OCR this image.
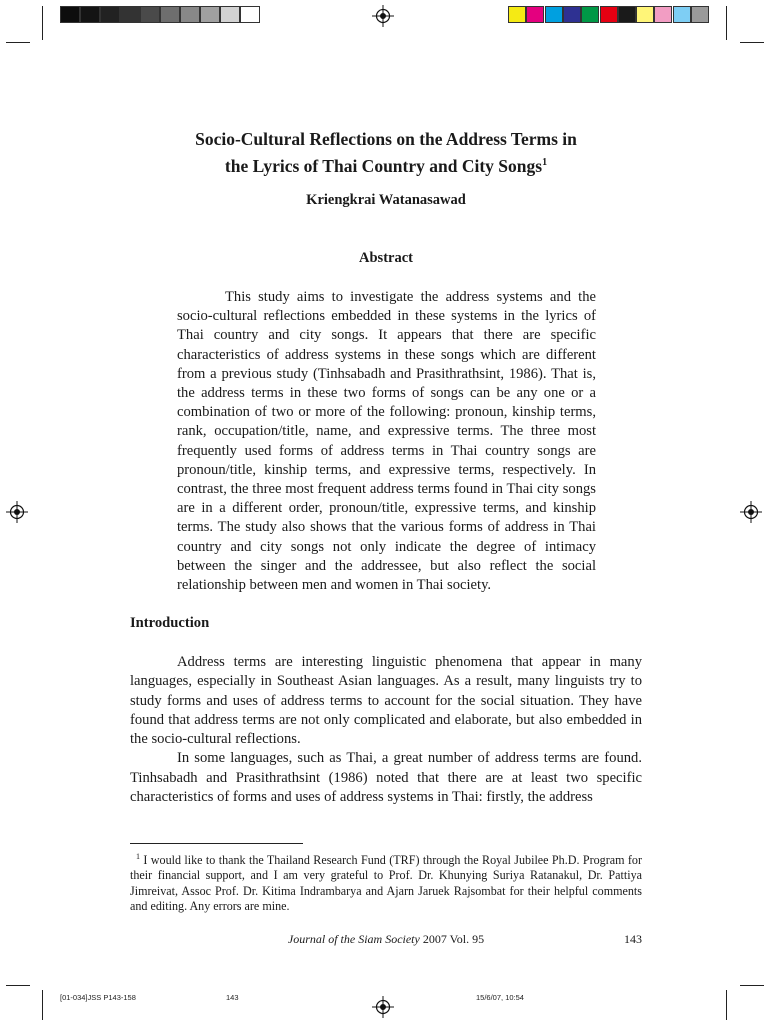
Socio-Cultural Reflections on the Address Terms in
the Lyrics of Thai Country and City Songs$^1$
Kriengkrai Watanasawad
Abstract

This study aims to investigate the address systems and the socio-cultural reflections embedded in these systems in the lyrics of Thai country and city songs. It appears that there are specific characteristics of address systems in these songs which are different from a previous study (Tinhsabadh and Prasithrathsint, 1986). That is, the address terms in these two forms of songs can be any one or a combination of two or more of the following: pronoun, kinship terms, rank, occupation/title, name, and expressive terms. The three most frequently used forms of address terms in Thai country songs are pronoun/title, kinship terms, and expressive terms, respectively. In contrast, the three most frequent address terms found in Thai city songs are in a different order, pronoun/title, expressive terms, and kinship terms. The study also shows that the various forms of address in Thai country and city songs not only indicate the degree of intimacy between the singer and the addressee, but also reflect the social relationship between men and women in Thai society.

Introduction

Address terms are interesting linguistic phenomena that appear in many languages, especially in Southeast Asian languages. As a result, many linguists try to study forms and uses of address terms to account for the social situation. They have found that address terms are not only complicated and elaborate, but also embedded in the socio-cultural reflections.

In some languages, such as Thai, a great number of address terms are found. Tinhsabadh and Prasithrathsint (1986) noted that there are at least two specific characteristics of forms and uses of address systems in Thai: firstly, the address

$^1$ I would like to thank the Thailand Research Fund (TRF) through the Royal Jubilee Ph.D. Program for their financial support, and I am very grateful to Prof. Dr. Khunying Suriya Ratanakul, Dr. Pattiya Jimreivat, Assoc Prof. Dr. Kitima Indrambarya and Ajarn Jaruek Rajsombat for their helpful comments and editing. Any errors are mine.

Journal of the Siam Society 2007 Vol. 95	143
[01-034]JSS P143-158	143	15/6/07, 10:54
